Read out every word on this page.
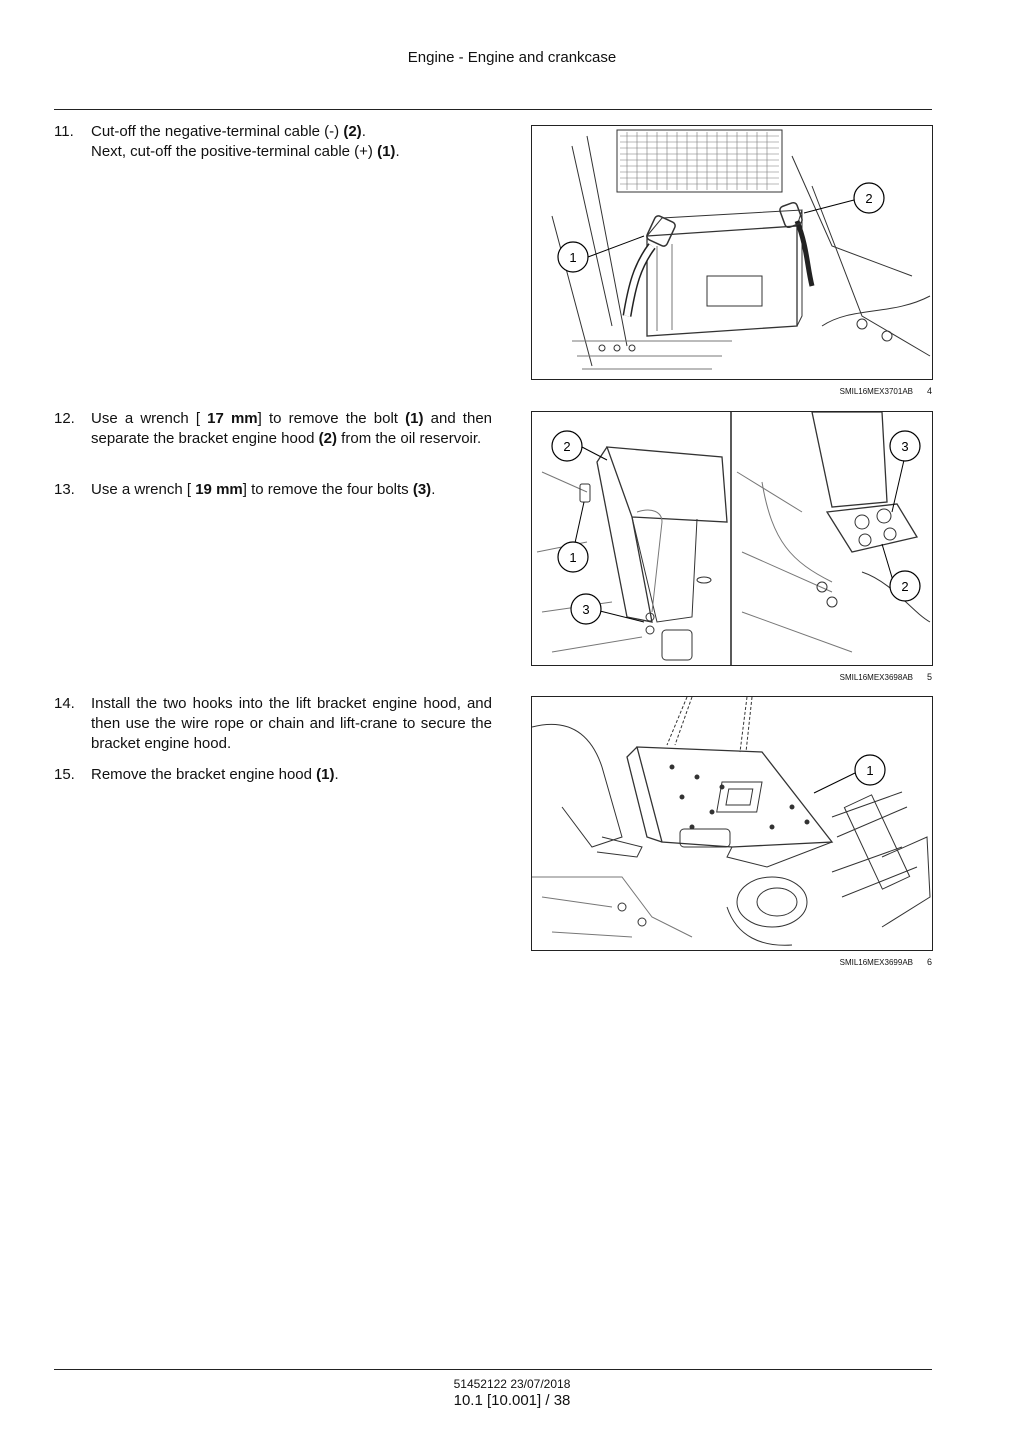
Engine - Engine and crankcase
11.	Cut-off the negative-terminal cable (-) (2).
Next, cut-off the positive-terminal cable (+) (1).
12.	Use a wrench [ 17 mm] to remove the bolt (1) and then separate the bracket engine hood (2) from the oil reservoir.
13.	Use a wrench [ 19 mm] to remove the four bolts (3).
14.	Install the two hooks into the lift bracket engine hood, and then use the wire rope or chain and lift-crane to secure the bracket engine hood.
15.	Remove the bracket engine hood (1).
1
2
SMIL16MEX3701AB 4
2	3
1
3
2
SMIL16MEX3698AB 5
1
SMIL16MEX3699AB 6
51452122 23/07/2018
10.1 [10.001] / 38
